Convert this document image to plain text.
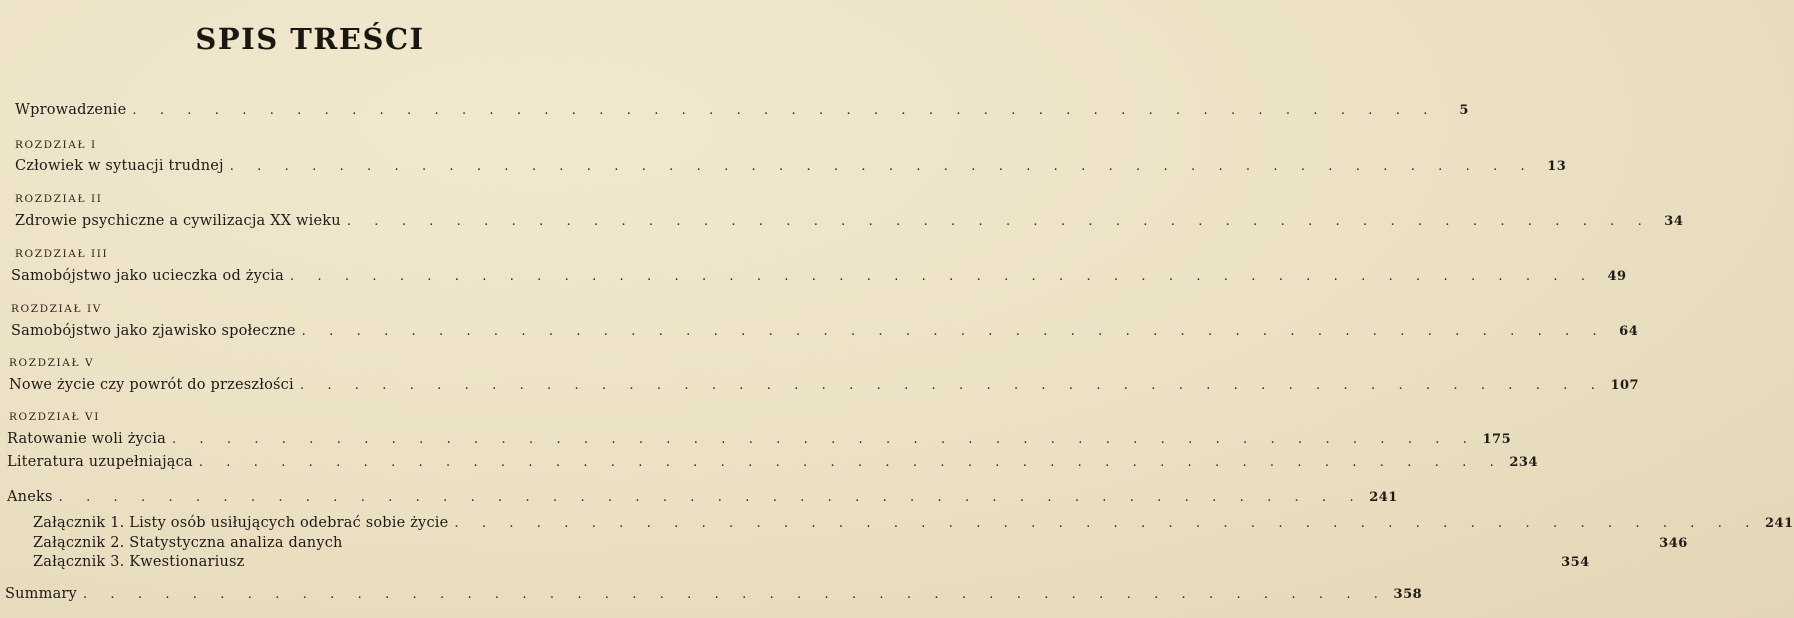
SPIS TREŚCI
Wprowadzenie . . . . . . . . . . . . . . . . . . . . . . . . . . . . . . . . . . . . . . . . . . . . . . . .	5
ROZDZIAŁ I
Człowiek w sytuacji trudnej . . . . . . . . . . . . . . . . . . . . . . . . . . . . . . . . . . . . . . . . . . . . . . . . 13
ROZDZIAŁ II
Zdrowie psychiczne a cywilizacja XX wieku . . . . . . . . . . . . . . . . . . . . . . . . . . . . . . . . . . . . . . . . . . . . . . . . 34
ROZDZIAŁ III
Samobójstwo jako ucieczka od życia . . . . . . . . . . . . . . . . . . . . . . . . . . . . . . . . . . . . . . . . . . . . . . . . 49
ROZDZIAŁ IV
Samobójstwo jako zjawisko społeczne . . . . . . . . . . . . . . . . . . . . . . . . . . . . . . . . . . . . . . . . . . . . . . . . 64
ROZDZIAŁ V
Nowe życie czy powrót do przeszłości . . . . . . . . . . . . . . . . . . . . . . . . . . . . . . . . . . . . . . . . . . . . . . . . 107
ROZDZIAŁ VI
Ratowanie woli życia . . . . . . . . . . . . . . . . . . . . . . . . . . . . . . . . . . . . . . . . . . . . . . . . 175
Literatura uzupełniająca . . . . . . . . . . . . . . . . . . . . . . . . . . . . . . . . . . . . . . . . . . . . . . . . 234
Aneks . . . . . . . . . . . . . . . . . . . . . . . . . . . . . . . . . . . . . . . . . . . . . . . . 241
Załącznik 1. Listy osób usiłujących odebrać sobie życie . . . . . . . . . . . . . . . . . . . . . . . . . . . . . . . . . . . . . . . . . . . . . . . . 241
Załącznik 2. Statystyczna analiza danych	346
Załącznik 3. Kwestionariusz	354
Summary . . . . . . . . . . . . . . . . . . . . . . . . . . . . . . . . . . . . . . . . . . . . . . . . 358
